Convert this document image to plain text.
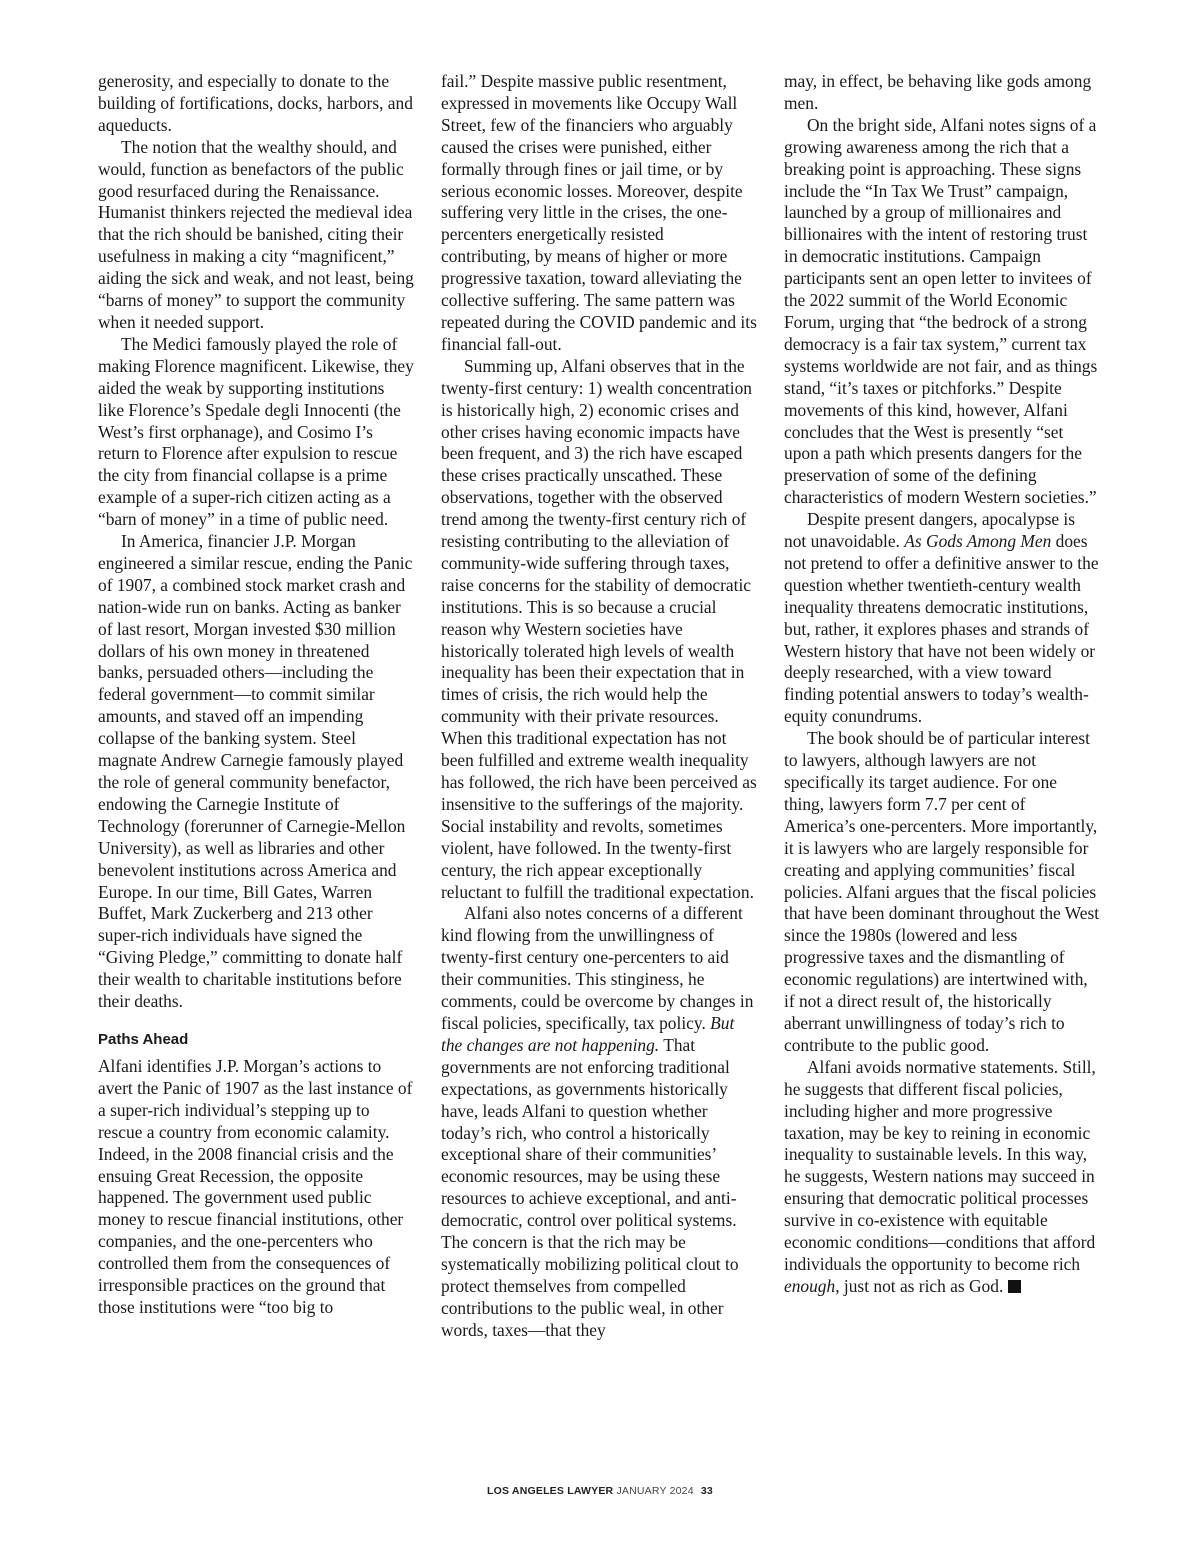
generosity, and especially to donate to the building of fortifications, docks, harbors, and aqueducts.

The notion that the wealthy should, and would, function as benefactors of the public good resurfaced during the Renaissance. Humanist thinkers rejected the medieval idea that the rich should be banished, citing their usefulness in making a city “magnificent,” aiding the sick and weak, and not least, being “barns of money” to support the community when it needed support.

The Medici famously played the role of making Florence magnificent. Likewise, they aided the weak by supporting institutions like Florence’s Spedale degli Innocenti (the West’s first orphanage), and Cosimo I’s return to Florence after expulsion to rescue the city from financial collapse is a prime example of a super-rich citizen acting as a “barn of money” in a time of public need.

In America, financier J.P. Morgan engineered a similar rescue, ending the Panic of 1907, a combined stock market crash and nation-wide run on banks. Acting as banker of last resort, Morgan invested $30 million dollars of his own money in threatened banks, persuaded others—including the federal government—to commit similar amounts, and staved off an impending collapse of the banking system. Steel magnate Andrew Carnegie famously played the role of general community benefactor, endowing the Carnegie Institute of Technology (forerunner of Carnegie-Mellon University), as well as libraries and other benevolent institutions across America and Europe. In our time, Bill Gates, Warren Buffet, Mark Zuckerberg and 213 other super-rich individuals have signed the “Giving Pledge,” committing to donate half their wealth to charitable institutions before their deaths.

Paths Ahead

Alfani identifies J.P. Morgan’s actions to avert the Panic of 1907 as the last instance of a super-rich individual’s stepping up to rescue a country from economic calamity. Indeed, in the 2008 financial crisis and the ensuing Great Recession, the opposite happened. The government used public money to rescue financial institutions, other companies, and the one-percenters who controlled them from the consequences of irresponsible practices on the ground that those institutions were “too big to

fail.” Despite massive public resentment, expressed in movements like Occupy Wall Street, few of the financiers who arguably caused the crises were punished, either formally through fines or jail time, or by serious economic losses. Moreover, despite suffering very little in the crises, the one-percenters energetically resisted contributing, by means of higher or more progressive taxation, toward alleviating the collective suffering. The same pattern was repeated during the COVID pandemic and its financial fall-out.

Summing up, Alfani observes that in the twenty-first century: 1) wealth concentration is historically high, 2) economic crises and other crises having economic impacts have been frequent, and 3) the rich have escaped these crises practically unscathed. These observations, together with the observed trend among the twenty-first century rich of resisting contributing to the alleviation of community-wide suffering through taxes, raise concerns for the stability of democratic institutions. This is so because a crucial reason why Western societies have historically tolerated high levels of wealth inequality has been their expectation that in times of crisis, the rich would help the community with their private resources. When this traditional expectation has not been fulfilled and extreme wealth inequality has followed, the rich have been perceived as insensitive to the sufferings of the majority. Social instability and revolts, sometimes violent, have followed. In the twenty-first century, the rich appear exceptionally reluctant to fulfill the traditional expectation.

Alfani also notes concerns of a different kind flowing from the unwillingness of twenty-first century one-percenters to aid their communities. This stinginess, he comments, could be overcome by changes in fiscal policies, specifically, tax policy. But the changes are not happening. That governments are not enforcing traditional expectations, as governments historically have, leads Alfani to question whether today’s rich, who control a historically exceptional share of their communities’ economic resources, may be using these resources to achieve exceptional, and anti-democratic, control over political systems. The concern is that the rich may be systematically mobilizing political clout to protect themselves from compelled contributions to the public weal, in other words, taxes—that they

may, in effect, be behaving like gods among men.

On the bright side, Alfani notes signs of a growing awareness among the rich that a breaking point is approaching. These signs include the “In Tax We Trust” campaign, launched by a group of millionaires and billionaires with the intent of restoring trust in democratic institutions. Campaign participants sent an open letter to invitees of the 2022 summit of the World Economic Forum, urging that “the bedrock of a strong democracy is a fair tax system,” current tax systems worldwide are not fair, and as things stand, “it’s taxes or pitchforks.” Despite movements of this kind, however, Alfani concludes that the West is presently “set upon a path which presents dangers for the preservation of some of the defining characteristics of modern Western societies.”

Despite present dangers, apocalypse is not unavoidable. As Gods Among Men does not pretend to offer a definitive answer to the question whether twentieth-century wealth inequality threatens democratic institutions, but, rather, it explores phases and strands of Western history that have not been widely or deeply researched, with a view toward finding potential answers to today’s wealth-equity conundrums.

The book should be of particular interest to lawyers, although lawyers are not specifically its target audience. For one thing, lawyers form 7.7 per cent of America’s one-percenters. More importantly, it is lawyers who are largely responsible for creating and applying communities’ fiscal policies. Alfani argues that the fiscal policies that have been dominant throughout the West since the 1980s (lowered and less progressive taxes and the dismantling of economic regulations) are intertwined with, if not a direct result of, the historically aberrant unwillingness of today’s rich to contribute to the public good.

Alfani avoids normative statements. Still, he suggests that different fiscal policies, including higher and more progressive taxation, may be key to reining in economic inequality to sustainable levels. In this way, he suggests, Western nations may succeed in ensuring that democratic political processes survive in co-existence with equitable economic conditions—conditions that afford individuals the opportunity to become rich enough, just not as rich as God.

LOS ANGELES LAWYER JANUARY 2024 33
